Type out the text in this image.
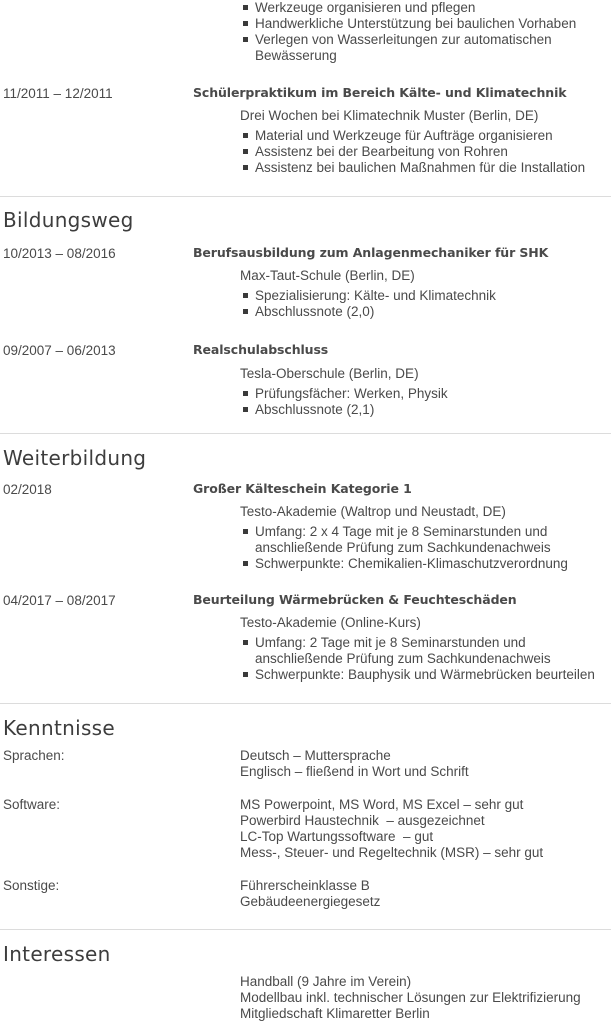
Werkzeuge organisieren und pflegen
Handwerkliche Unterstützung bei baulichen Vorhaben
Verlegen von Wasserleitungen zur automatischen Bewässerung
11/2011 – 12/2011	Schülerpraktikum im Bereich Kälte- und Klimatechnik
Drei Wochen bei Klimatechnik Muster (Berlin, DE)
Material und Werkzeuge für Aufträge organisieren
Assistenz bei der Bearbeitung von Rohren
Assistenz bei baulichen Maßnahmen für die Installation
Bildungsweg
10/2013 – 08/2016	Berufsausbildung zum Anlagenmechaniker für SHK
Max-Taut-Schule (Berlin, DE)
Spezialisierung: Kälte- und Klimatechnik
Abschlussnote (2,0)
09/2007 – 06/2013	Realschulabschluss
Tesla-Oberschule (Berlin, DE)
Prüfungsfächer: Werken, Physik
Abschlussnote (2,1)
Weiterbildung
02/2018	Großer Kälteschein Kategorie 1
Testo-Akademie (Waltrop und Neustadt, DE)
Umfang: 2 x 4 Tage mit je 8 Seminarstunden und anschließende Prüfung zum Sachkundenachweis
Schwerpunkte: Chemikalien-Klimaschutzverordnung
04/2017 – 08/2017	Beurteilung Wärmebrücken & Feuchteschäden
Testo-Akademie (Online-Kurs)
Umfang: 2 Tage mit je 8 Seminarstunden und anschließende Prüfung zum Sachkundenachweis
Schwerpunkte: Bauphysik und Wärmebrücken beurteilen
Kenntnisse
Sprachen:	Deutsch – Muttersprache
Englisch – fließend in Wort und Schrift
Software:	MS Powerpoint, MS Word, MS Excel – sehr gut
Powerbird Haustechnik  – ausgezeichnet
LC-Top Wartungssoftware  – gut
Mess-, Steuer- und Regeltechnik (MSR) – sehr gut
Sonstige:	Führerscheinklasse B
Gebäudeenergiegesetz
Interessen
Handball (9 Jahre im Verein)
Modellbau inkl. technischer Lösungen zur Elektrifizierung
Mitgliedschaft Klimaretter Berlin
